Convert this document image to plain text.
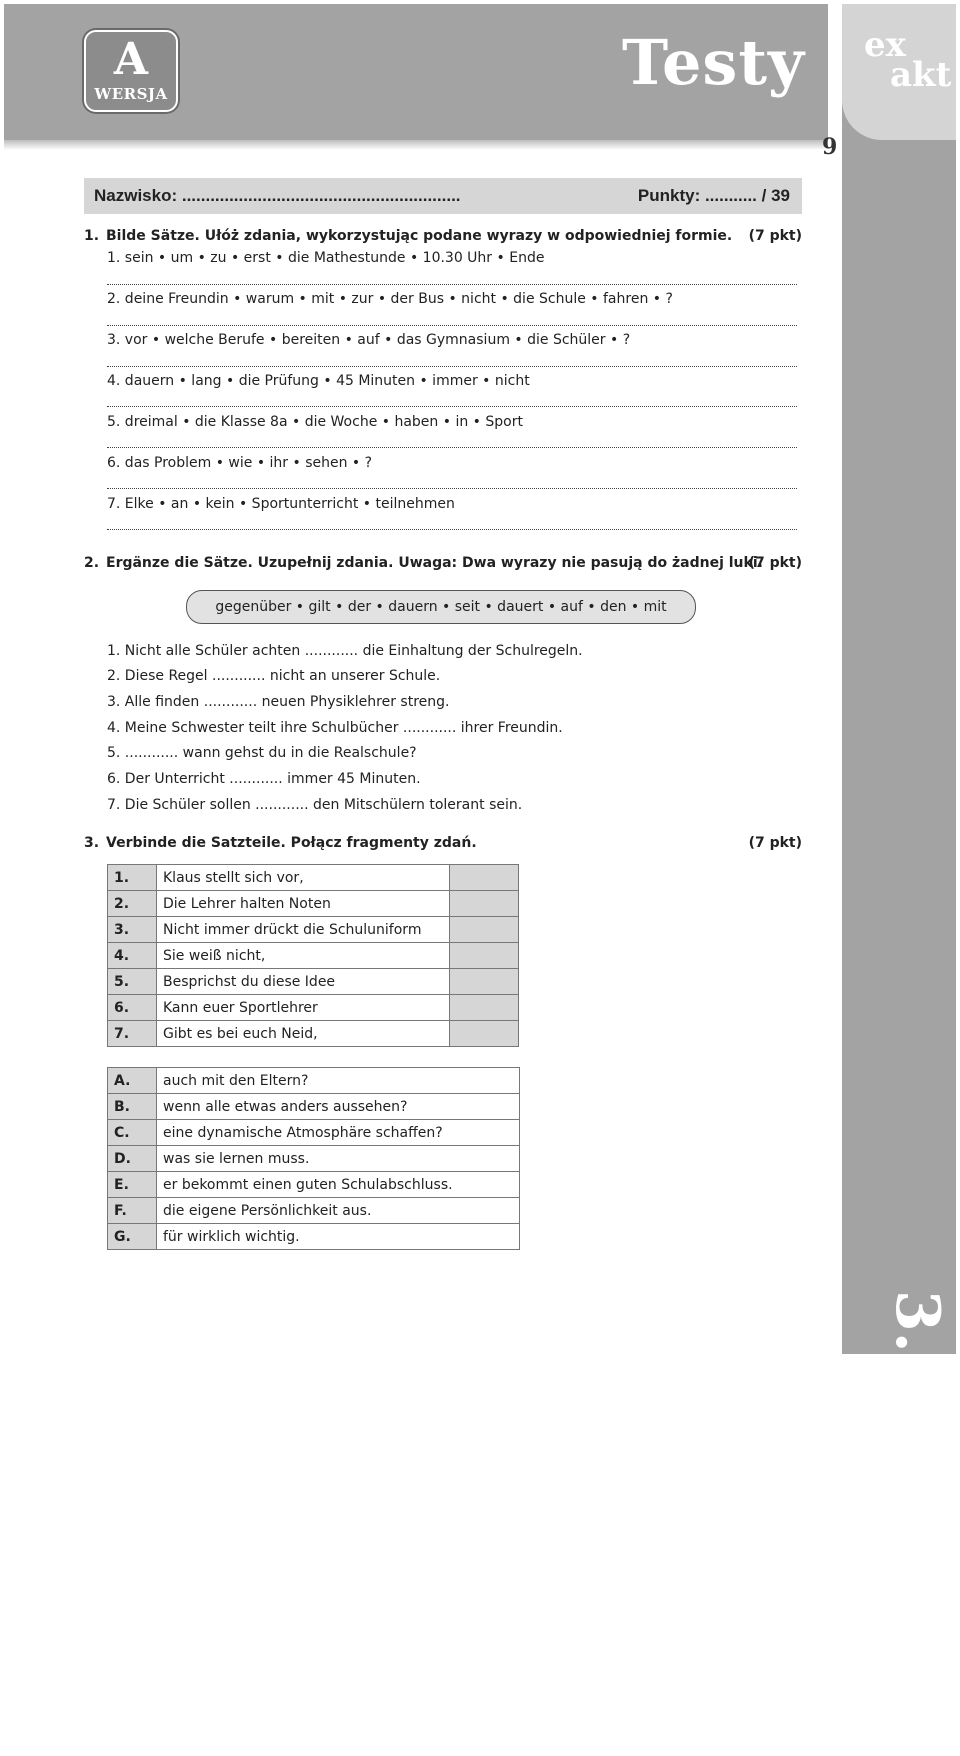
A
WERSJA	Testy ex
akt
9
3. Schulalltag
Nazwisko: ...........................................................	Punkty: ........... / 39
1. Bilde Sätze. Ułóż zdania, wykorzystując podane wyrazy w odpowiedniej formie. (7 pkt)
1. sein • um • zu • erst • die Mathestunde • 10.30 Uhr • Ende
2. deine Freundin • warum • mit • zur • der Bus • nicht • die Schule • fahren • ?
3. vor • welche Berufe • bereiten • auf • das Gymnasium • die Schüler • ?
4. dauern • lang • die Prüfung • 45 Minuten • immer • nicht
5. dreimal • die Klasse 8a • die Woche • haben • in • Sport
6. das Problem • wie • ihr • sehen • ?
7. Elke • an • kein • Sportunterricht • teilnehmen
2. Ergänze die Sätze. Uzupełnij zdania. Uwaga: Dwa wyrazy nie pasują do żadnej luki.
(7 pkt)
gegenüber • gilt • der • dauern • seit • dauert • auf • den • mit
1. Nicht alle Schüler achten ............ die Einhaltung der Schulregeln.
2. Diese Regel ............ nicht an unserer Schule.
3. Alle finden ............ neuen Physiklehrer streng.
4. Meine Schwester teilt ihre Schulbücher ............ ihrer Freundin.
5. ............ wann gehst du in die Realschule?
6. Der Unterricht ............ immer 45 Minuten.
7. Die Schüler sollen ............ den Mitschülern tolerant sein.
3. Verbinde die Satzteile. Połącz fragmenty zdań.	(7 pkt)
1.	Klaus stellt sich vor,	
2.	Die Lehrer halten Noten	
3.	Nicht immer drückt die Schuluniform	
4.	Sie weiß nicht,	
5.	Besprichst du diese Idee	
6.	Kann euer Sportlehrer	
7.	Gibt es bei euch Neid,	
A.	auch mit den Eltern?
B.	wenn alle etwas anders aussehen?
C.	eine dynamische Atmosphäre schaffen?
D.	was sie lernen muss.
E.	er bekommt einen guten Schulabschluss.
F.	die eigene Persönlichkeit aus.
G.	für wirklich wichtig.
